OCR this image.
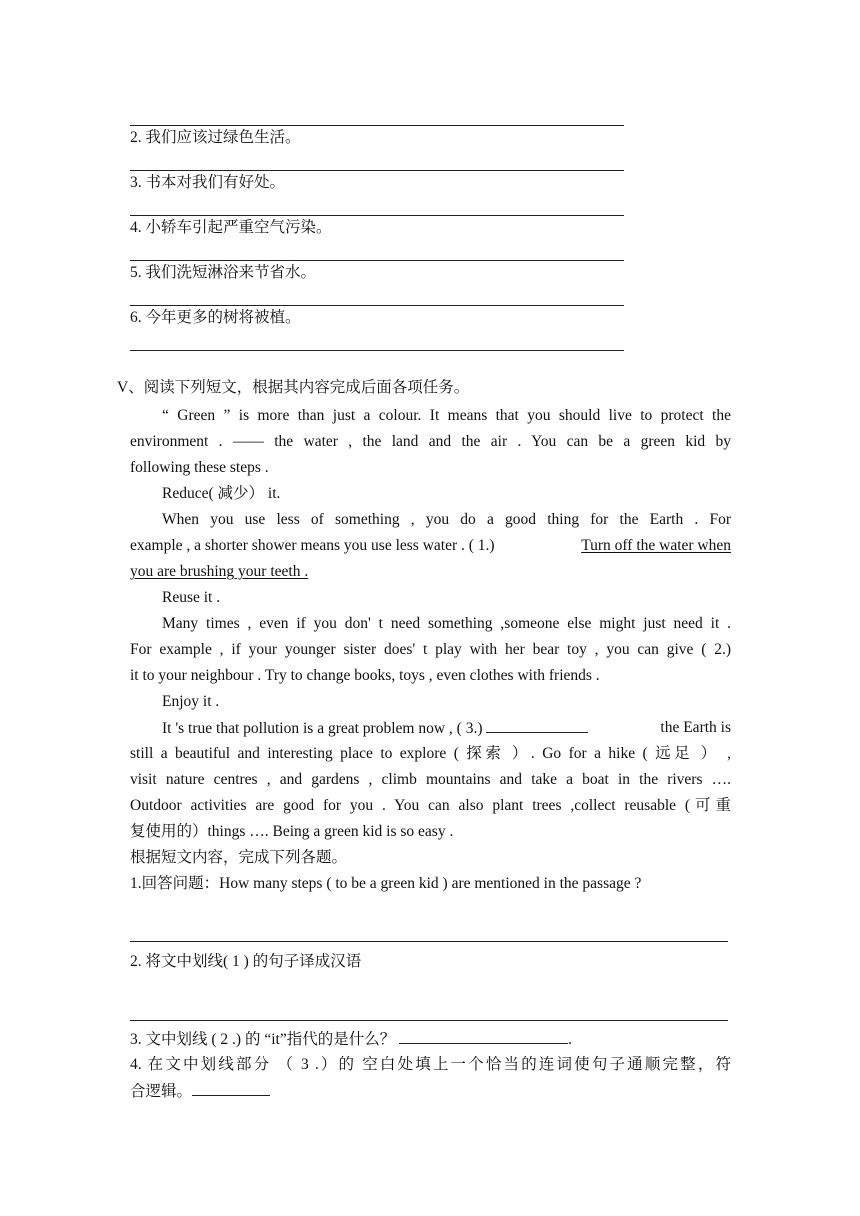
2. 我们应该过绿色生活。
3. 书本对我们有好处。
4. 小轿车引起严重空气污染。
5. 我们洗短淋浴来节省水。
6. 今年更多的树将被植。
V、阅读下列短文，根据其内容完成后面各项任务。
“ Green ” is more than just a colour. It means that you should live to protect the
environment . —— the water , the land and the air . You can be a green kid by
following these steps .
Reduce( 减少） it.
When you use less of something , you do a good thing for the Earth . For
example , a shorter shower means you use less water . ( 1.)	Turn off the water when
you are brushing your teeth .
Reuse it .
Many times , even if you don' t need something ,someone else might just need it .
For example , if your younger sister does' t play with her bear toy , you can give ( 2.)
it to your neighbour . Try to change books, toys , even clothes with friends .
Enjoy it .
It 's true that pollution is a great problem now , ( 3.)	the Earth is
still a beautiful and interesting place to explore ( 探索 ）. Go for a hike ( 远足 ） ,
visit nature centres , and gardens , climb mountains and take a boat in the rivers ….
Outdoor activities are good for you . You can also plant trees ,collect reusable (可重
复使用的）things …. Being a green kid is so easy .
根据短文内容，完成下列各题。
1.回答问题：How many steps ( to be a green kid ) are mentioned in the passage ?
2. 将文中划线( 1 ) 的句子译成汉语
3. 文中划线 ( 2 .) 的 “it”指代的是什么？	.
4. 在文中划线部分 （ 3 .）的 空白处填上一个恰当的连词使句子通顺完整，符
合逻辑。
